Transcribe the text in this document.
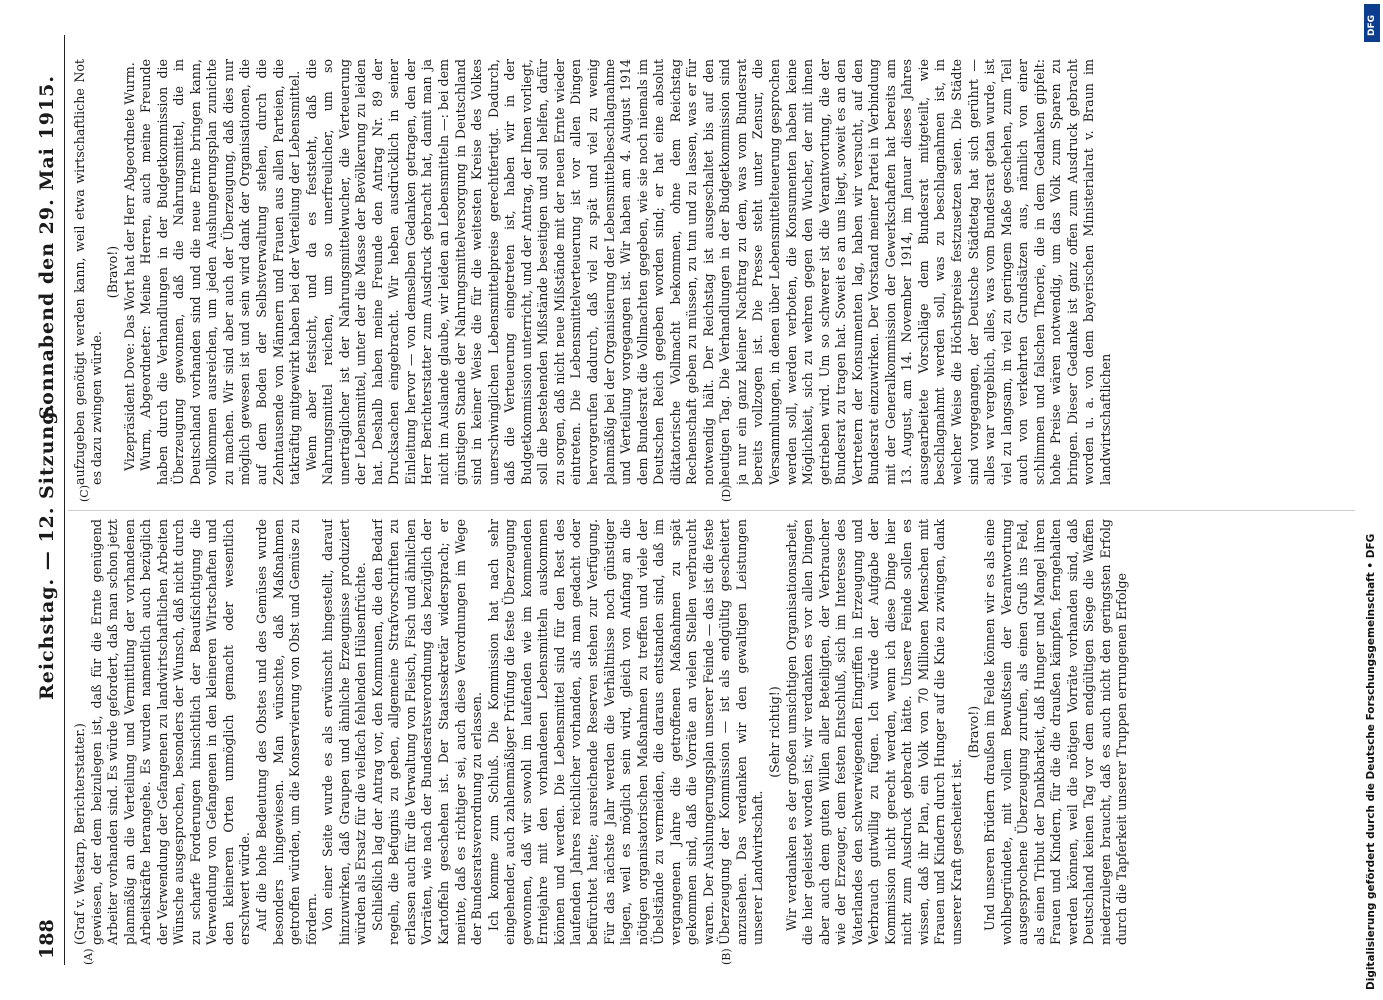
188
Reichstag. — 12. Sitzung.
Sonnabend den 29. Mai 1915.
(A)	(B)
(C)	(D)

(Graf v. Westarp, Berichterstatter.) gewiesen, der dem beizulegen ist, daß für die Ernte genügend Arbeiter vorhanden sind. Es würde gefordert, daß man schon jetzt planmäßig an die Verteilung und Vermittlung der vorhandenen Arbeitskräfte herangehe. Es wurden namentlich auch bezüglich der Verwendung der Gefangenen zu landwirtschaftlichen Arbeiten Wünsche ausgesprochen, besonders der Wunsch, daß nicht durch zu scharfe Forderungen hinsichtlich der Beaufsichtigung die Verwendung von Gefangenen in den kleineren Wirtschaften und den kleineren Orten unmöglich gemacht oder wesentlich erschwert würde. Auf die hohe Bedeutung des Obstes und des Gemüses wurde besonders hingewiesen. Man wünschte, daß Maßnahmen getroffen würden, um die Konservierung von Obst und Gemüse zu fördern. Von einer Seite wurde es als erwünscht hingestellt, darauf hinzuwirken, daß Graupen und ähnliche Erzeugnisse produziert würden als Ersatz für die vielfach fehlenden Hülsenfrüchte. Schließlich lag der Antrag vor, den Kommunen, die den Bedarf regeln, die Befugnis zu geben, allgemeine Strafvorschriften zu erlassen auch für die Verwaltung von Fleisch, Fisch und ähnlichen Vorräten, wie nach der Bundesratsverordnung das bezüglich der Kartoffeln geschehen ist. Der Staatssekretär widersprach; er meinte, daß es richtiger sei, auch diese Verordnungen im Wege der Bundesratsverordnung zu erlassen. Ich komme zum Schluß. Die Kommission hat nach sehr eingehender, auch zahlenmäßiger Prüfung die feste Überzeugung gewonnen, daß wir sowohl im laufenden wie im kommenden Erntejahre mit den vorhandenen Lebensmitteln auskommen können und werden. Die Lebensmittel sind für den Rest des laufenden Jahres reichlicher vorhanden, als man gedacht oder befürchtet hatte; ausreichende Reserven stehen zur Verfügung. Für das nächste Jahr werden die Verhältnisse noch günstiger liegen, weil es möglich sein wird, gleich von Anfang an die nötigen organisatorischen Maßnahmen zu treffen und viele der Übelstände zu vermeiden, die daraus entstanden sind, daß im vergangenen Jahre die getroffenen Maßnahmen zu spät gekommen sind, daß die Vorräte an vielen Stellen verbraucht waren. Der Aushungerungsplan unserer Feinde — das ist die feste Überzeugung der Kommission — ist als endgültig gescheitert anzusehen. Das verdanken wir den gewaltigen Leistungen unserer Landwirtschaft.

(Sehr richtig!) Wir verdanken es der großen umsichtigen Organisationsarbeit, die hier geleistet worden ist; wir verdanken es vor allen Dingen aber auch dem guten Willen aller Beteiligten, der Verbraucher wie der Erzeuger, dem festen Entschluß, sich im Interesse des Vaterlandes den schwerwiegenden Eingriffen in Erzeugung und Verbrauch gutwillig zu fügen. Ich würde der Aufgabe der Kommission nicht gerecht werden, wenn ich diese Dinge hier nicht zum Ausdruck gebracht hätte. Unsere Feinde sollen es wissen, daß ihr Plan, ein Volk von 70 Millionen Menschen mit Frauen und Kindern durch Hunger auf die Knie zu zwingen, dank unserer Kraft gescheitert ist.

(Bravo!) Und unseren Brüdern draußen im Felde können wir es als eine wohlbegründete, mit vollem Bewußtsein der Verantwortung ausgesprochene Überzeugung zurufen, als einen Gruß ins Feld, als einen Tribut der Dankbarkeit, daß Hunger und Mangel ihren Frauen und Kindern, für die die draußen kämpfen, ferngehalten werden können, weil die nötigen Vorräte vorhanden sind, daß Deutschland keinen Tag vor dem endgültigen Siege die Waffen niederzulegen braucht, daß es auch nicht den geringsten Erfolg durch die Tapferkeit unserer Truppen errungenen Erfolge

aufzugeben genötigt werden kann, weil etwa wirtschaftliche Not es dazu zwingen würde.

(Bravo!) Vizepräsident Dove: Das Wort hat der Herr Abgeordnete Wurm. Wurm, Abgeordneter: Meine Herren, auch meine Freunde haben durch die Verhandlungen in der Budgetkommission die Überzeugung gewonnen, daß die Nahrungsmittel, die in Deutschland vorhanden sind und die neue Ernte bringen kann, vollkommen ausreichen, um jeden Aushungerungsplan zunichte zu machen. Wir sind aber auch der Überzeugung, daß dies nur möglich gewesen ist und sein wird dank der Organisationen, die auf dem Boden der Selbstverwaltung stehen, durch die Zehntausende von Männern und Frauen aus allen Parteien, die tatkräftig mitgewirkt haben bei der Verteilung der Lebensmittel. Wenn aber festsicht, und da es feststeht, daß die Nahrungsmittel reichen, um so unerfreulicher, um so unerträglicher ist der Nahrungsmittelwucher, die Verteuerung der Lebensmittel, unter der die Masse der Bevölkerung zu leiden hat. Deshalb haben meine Freunde den Antrag Nr. 89 der Drucksachen eingebracht. Wir heben ausdrücklich in seiner Einleitung hervor — von demselben Gedanken getragen, den der Herr Berichterstatter zum Ausdruck gebracht hat, damit man ja nicht im Auslande glaube, wir leiden an Lebensmitteln —: bei dem günstigen Stande der Nahrungsmittelversorgung in Deutschland sind in keiner Weise die für die weitesten Kreise des Volkes unerschwinglichen Lebensmittelpreise gerechtfertigt. Dadurch, daß die Verteuerung eingetreten ist, haben wir in der Budgetkommission unterricht, und der Antrag, der Ihnen vorliegt, soll die bestehenden Mißstände beseitigen und soll helfen, dafür zu sorgen, daß nicht neue Mißstände mit der neuen Ernte wieder eintreten. Die Lebensmittelverteuerung ist vor allen Dingen hervorgerufen dadurch, daß viel zu spät und viel zu wenig planmäßig bei der Organisierung der Lebensmittelbeschlagnahme und Verteilung vorgegangen ist. Wir haben am 4. August 1914 dem Bundesrat die Vollmachten gegeben, wie sie noch niemals im Deutschen Reich gegeben worden sind; er hat eine absolut diktatorische Vollmacht bekommen, ohne dem Reichstag Rechenschaft geben zu müssen, zu tun und zu lassen, was er für notwendig hält. Der Reichstag ist ausgeschaltet bis auf den heutigen Tag. Die Verhandlungen in der Budgetkommission sind ja nur ein ganz kleiner Nachtrag zu dem, was vom Bundesrat bereits vollzogen ist. Die Presse steht unter Zensur, die Versammlungen, in denen über Lebensmittelteuerung gesprochen werden soll, werden verboten, die Konsumenten haben keine Möglichkeit, sich zu wehren gegen den Wucher, der mit ihnen getrieben wird. Um so schwerer ist die Verantwortung, die der Bundesrat zu tragen hat. Soweit es an uns liegt, soweit es an den Vertretern der Konsumenten lag, haben wir versucht, auf den Bundesrat einzuwirken. Der Vorstand meiner Partei in Verbindung mit der Generalkommission der Gewerkschaften hat bereits am 13. August, am 14. November 1914, im Januar dieses Jahres ausgearbeitete Vorschläge dem Bundesrat mitgeteilt, wie beschlagnahmt werden soll, was zu beschlagnahmen ist, in welcher Weise die Höchstpreise festzusetzen seien. Die Städte sind vorgegangen, der Deutsche Städtetag hat sich gerührt — alles war vergeblich, alles, was vom Bundesrat getan wurde, ist viel zu langsam, in viel zu geringem Maße geschehen, zum Teil auch von verkehrten Grundsätzen aus, nämlich von einer schlimmen und falschen Theorie, die in dem Gedanken gipfelt: hohe Preise wären notwendig, um das Volk zum Sparen zu bringen. Dieser Gedanke ist ganz offen zum Ausdruck gebracht worden u. a. von dem bayerischen Ministerialrat v. Braun im landwirtschaftlichen

Digitalisierung gefördert durch die Deutsche Forschungsgemeinschaft • DFG
DFG
